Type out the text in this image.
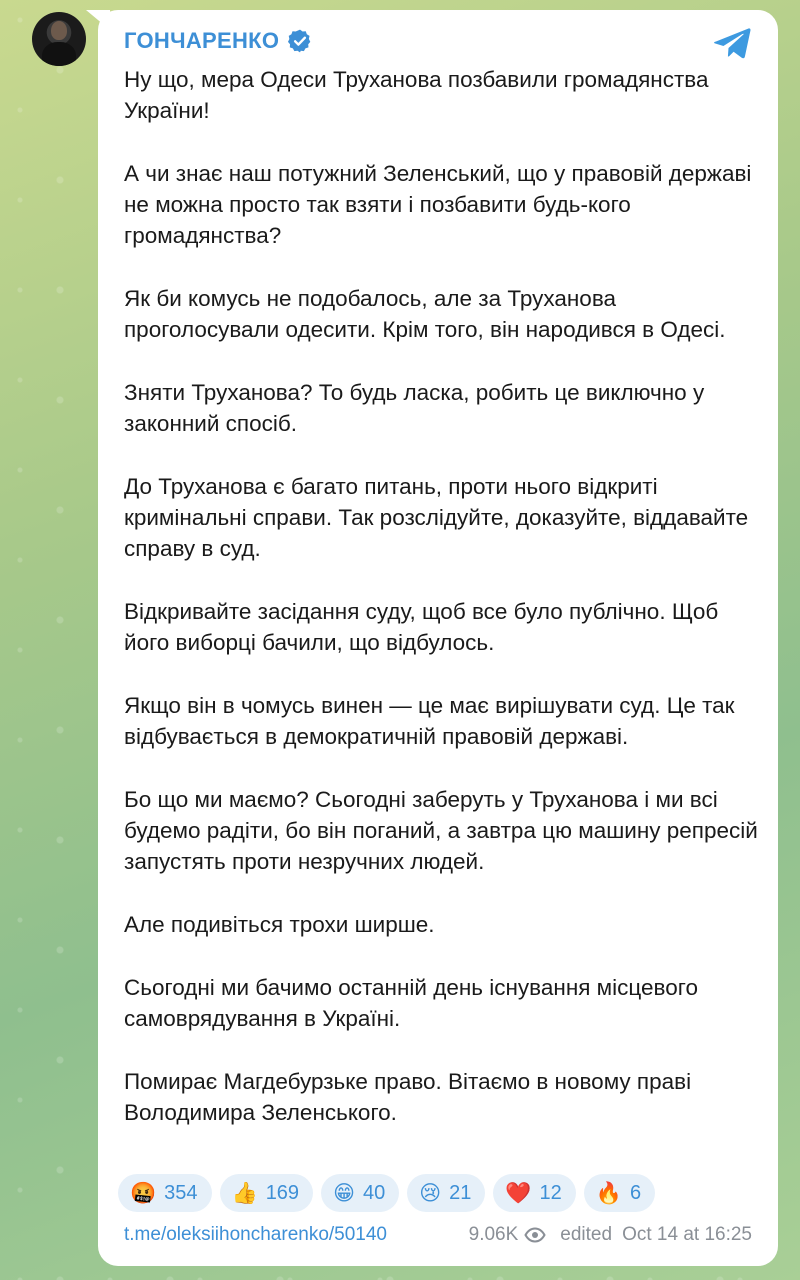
ГОНЧАРЕНКО

Ну що, мера Одеси Труханова позбавили громадянства України!

А чи знає наш потужний Зеленський, що у правовій державі не можна просто так взяти і позбавити будь-кого громадянства?

Як би комусь не подобалось, але за Труханова проголосували одесити. Крім того, він народився в Одесі.

Зняти Труханова? То будь ласка, робить це виключно у законний спосіб.

До Труханова є багато питань, проти нього відкриті кримінальні справи. Так розслідуйте, доказуйте, віддавайте справу в суд.

Відкривайте засідання суду, щоб все було публічно. Щоб його виборці бачили, що відбулось.

Якщо він в чомусь винен — це має вирішувати суд. Це так відбувається в демократичній правовій державі.

Бо що ми маємо? Сьогодні заберуть у Труханова і ми всі будемо радіти, бо він поганий, а завтра цю машину репресій запустять проти незручних людей.

Але подивіться трохи ширше.

Сьогодні ми бачимо останній день існування місцевого самоврядування в Україні.

Помирає Магдебурзьке право. Вітаємо в новому праві Володимира Зеленського.

🤬 354 👍 169 😁 40 😢 21 ❤️ 12 🔥 6
t.me/oleksiihoncharenko/50140	9.06K edited Oct 14 at 16:25
